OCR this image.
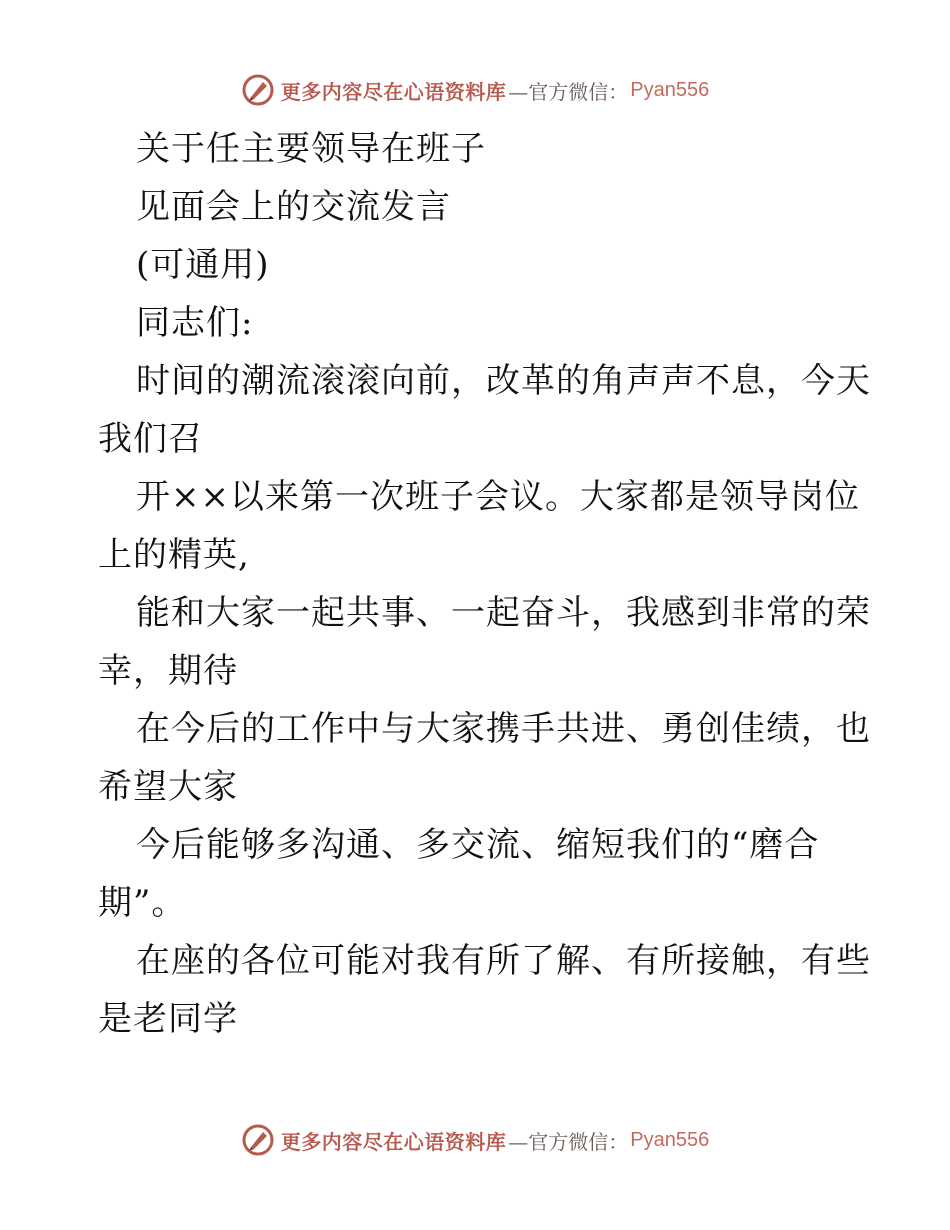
更多内容尽在心语资料库 —官方微信： Pyan556
关于任主要领导在班子
见面会上的交流发言
(可通用)
同志们:
时间的潮流滚滚向前，改革的角声声不息，今天
我们召
开××以来第一次班子会议。大家都是领导岗位
上的精英,
能和大家一起共事、一起奋斗，我感到非常的荣
幸，期待
在今后的工作中与大家携手共进、勇创佳绩，也
希望大家
今后能够多沟通、多交流、缩短我们的“磨合
期”。
在座的各位可能对我有所了解、有所接触，有些
是老同学
更多内容尽在心语资料库 —官方微信： Pyan556
